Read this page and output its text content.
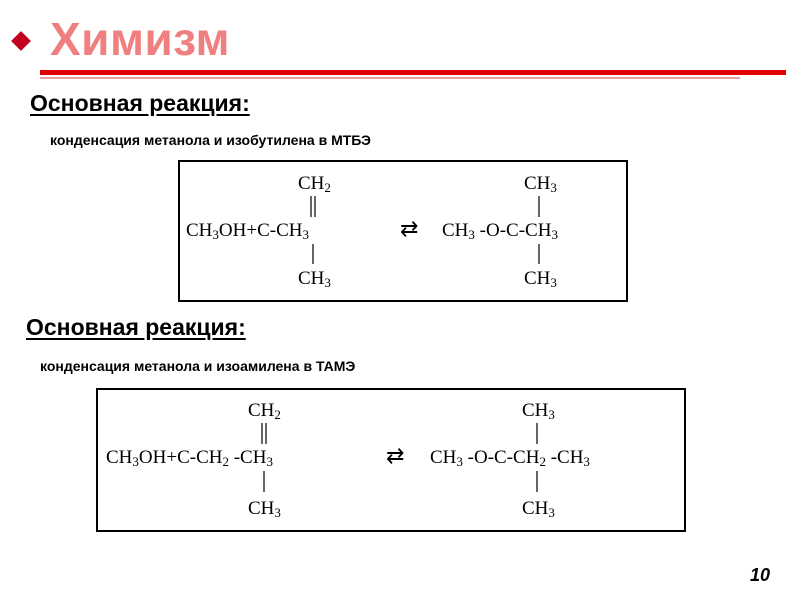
Химизм
Основная реакция:
конденсация метанола и изобутилена в МТБЭ
CH2
CH3OH+C-CH3
CH3
⇄
CH3
CH3 -O-C-CH3
CH3
Основная реакция:
конденсация метанола и изоамилена в ТАМЭ
CH2
CH3OH+C-CH2 -CH3
CH3
⇄
CH3
CH3 -O-C-CH2 -CH3
CH3
10
